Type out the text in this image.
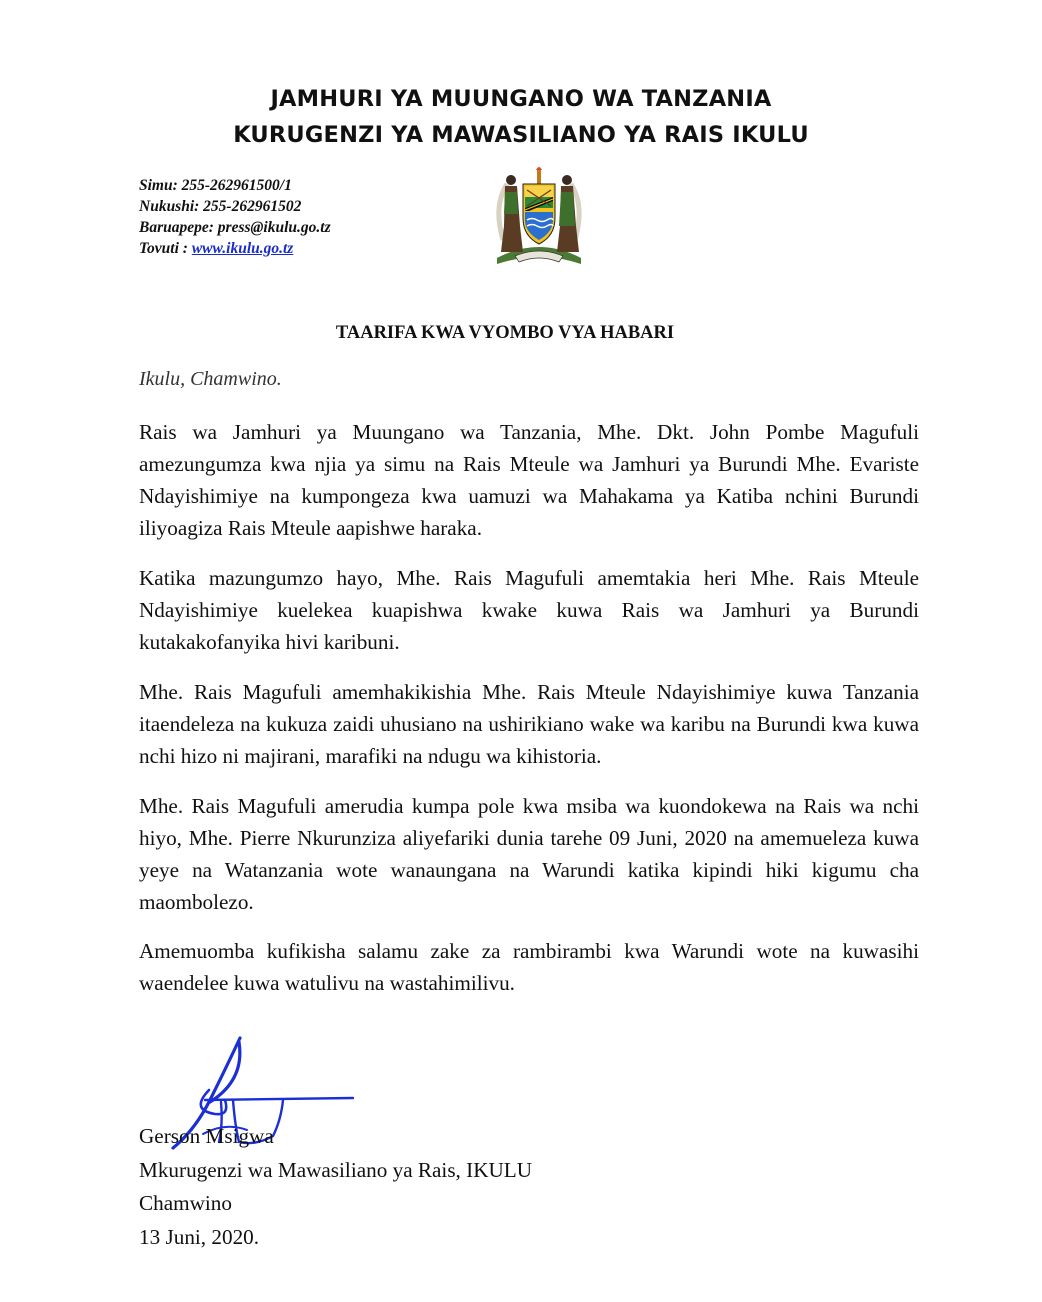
JAMHURI YA MUUNGANO WA TANZANIA
KURUGENZI YA MAWASILIANO YA RAIS IKULU
Simu: 255-262961500/1
Nukushi: 255-262961502
Baruapepe: press@ikulu.go.tz
Tovuti : www.ikulu.go.tz
TAARIFA KWA VYOMBO VYA HABARI

Ikulu, Chamwino.

Rais wa Jamhuri ya Muungano wa Tanzania, Mhe. Dkt. John Pombe Magufuli amezungumza kwa njia ya simu na Rais Mteule wa Jamhuri ya Burundi Mhe. Evariste Ndayishimiye na kumpongeza kwa uamuzi wa Mahakama ya Katiba nchini Burundi iliyoagiza Rais Mteule aapishwe haraka.

Katika mazungumzo hayo, Mhe. Rais Magufuli amemtakia heri Mhe. Rais Mteule Ndayishimiye kuelekea kuapishwa kwake kuwa Rais wa Jamhuri ya Burundi kutakakofanyika hivi karibuni.

Mhe. Rais Magufuli amemhakikishia Mhe. Rais Mteule Ndayishimiye kuwa Tanzania itaendeleza na kukuza zaidi uhusiano na ushirikiano wake wa karibu na Burundi kwa kuwa nchi hizo ni majirani, marafiki na ndugu wa kihistoria.

Mhe. Rais Magufuli amerudia kumpa pole kwa msiba wa kuondokewa na Rais wa nchi hiyo, Mhe. Pierre Nkurunziza aliyefariki dunia tarehe 09 Juni, 2020 na amemueleza kuwa yeye na Watanzania wote wanaungana na Warundi katika kipindi hiki kigumu cha maombolezo.

Amemuomba kufikisha salamu zake za rambirambi kwa Warundi wote na kuwasihi waendelee kuwa watulivu na wastahimilivu.

Gerson Msigwa
Mkurugenzi wa Mawasiliano ya Rais, IKULU
Chamwino
13 Juni, 2020.
